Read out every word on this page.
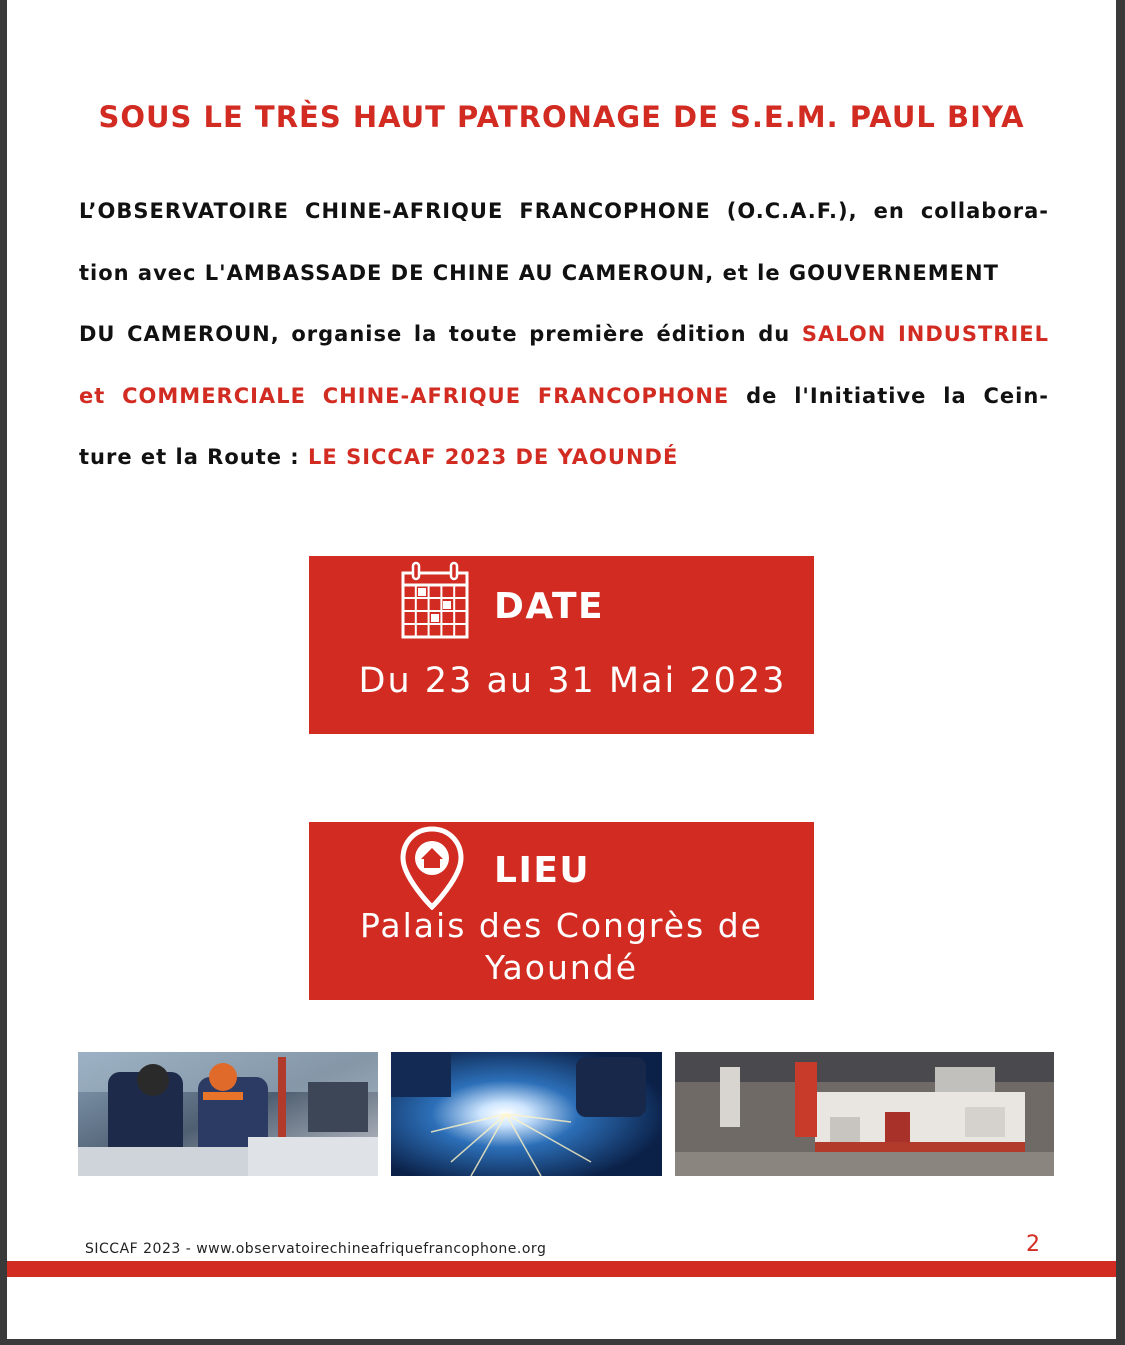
SOUS LE TRÈS HAUT PATRONAGE DE S.E.M. PAUL BIYA
L’OBSERVATOIRE CHINE-AFRIQUE FRANCOPHONE (O.C.A.F.), en collabora-
tion avec L'AMBASSADE DE CHINE AU CAMEROUN, et le GOUVERNEMENT
DU CAMEROUN, organise la toute première édition du SALON INDUSTRIEL
et COMMERCIALE CHINE-AFRIQUE FRANCOPHONE de l'Initiative la Cein-
ture et la Route : LE SICCAF 2023 DE YAOUNDÉ
DATE
Du 23 au 31 Mai 2023
LIEU
Palais des Congrès de
Yaoundé
SICCAF 2023 - www.observatoirechineafriquefrancophone.org	2
